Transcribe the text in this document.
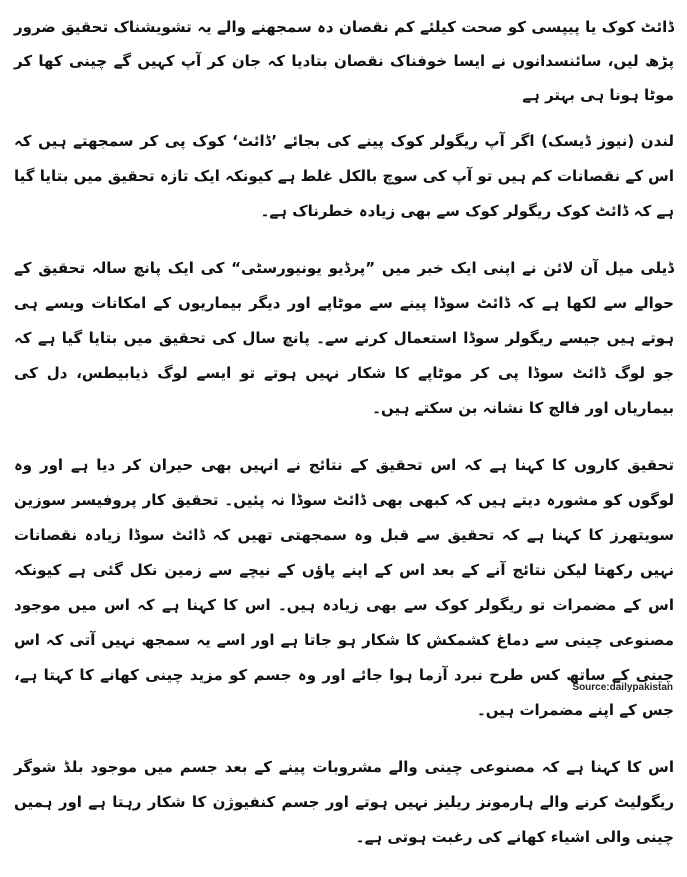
ڈائٹ کوک یا پیپسی کو صحت کیلئے کم نقصان دہ سمجھنے والے یہ تشویشناک تحقیق ضرور پڑھ لیں، سائنسدانوں نے ایسا خوفناک نقصان بتادیا کہ جان کر آپ کہیں گے چینی کھا کر موٹا ہونا ہی بہتر ہے

لندن (نیوز ڈیسک) اگر آپ ریگولر کوک پینے کی بجائے ’ڈائٹ‘ کوک پی کر سمجھتے ہیں کہ اس کے نقصانات کم ہیں تو آپ کی سوچ بالکل غلط ہے کیونکہ ایک تازہ تحقیق میں بتایا گیا ہے کہ ڈائٹ کوک ریگولر کوک سے بھی زیادہ خطرناک ہے۔

ڈیلی میل آن لائن نے اپنی ایک خبر میں ”پرڈیو یونیورسٹی“ کی ایک پانچ سالہ تحقیق کے حوالے سے لکھا ہے کہ ڈائٹ سوڈا پینے سے موٹاپے اور دیگر بیماریوں کے امکانات ویسے ہی ہوتے ہیں جیسے ریگولر سوڈا استعمال کرنے سے۔ پانچ سال کی تحقیق میں بتایا گیا ہے کہ جو لوگ ڈائٹ سوڈا پی کر موٹاپے کا شکار نہیں ہوتے تو ایسے لوگ ذیابیطس، دل کی بیماریاں اور فالج کا نشانہ بن سکتے ہیں۔

تحقیق کاروں کا کہنا ہے کہ اس تحقیق کے نتائج نے انہیں بھی حیران کر دیا ہے اور وہ لوگوں کو مشورہ دیتے ہیں کہ کبھی بھی ڈائٹ سوڈا نہ پئیں۔ تحقیق کار پروفیسر سوزین سویتھرز کا کہنا ہے کہ تحقیق سے قبل وہ سمجھتی تھیں کہ ڈائٹ سوڈا زیادہ نقصانات نہیں رکھتا لیکن نتائج آنے کے بعد اس کے اپنے پاﺅں کے نیچے سے زمین نکل گئی ہے کیونکہ اس کے مضمرات تو ریگولر کوک سے بھی زیادہ ہیں۔ اس کا کہنا ہے کہ اس میں موجود مصنوعی چینی سے دماغ کشمکش کا شکار ہو جاتا ہے اور اسے یہ سمجھ نہیں آتی کہ اس چینی کے ساتھ کس طرح نبرد آزما ہوا جائے اور وہ جسم کو مزید چینی کھانے کا کہتا ہے، جس کے اپنے مضمرات ہیں۔

اس کا کہنا ہے کہ مصنوعی چینی والے مشروبات پینے کے بعد جسم میں موجود بلڈ شوگر ریگولیٹ کرنے والے ہارمونز ریلیز نہیں ہوتے اور جسم کنفیوژن کا شکار رہتا ہے اور ہمیں چینی والی اشیاء کھانے کی رغبت ہوتی ہے۔

Source:dailypakistan
